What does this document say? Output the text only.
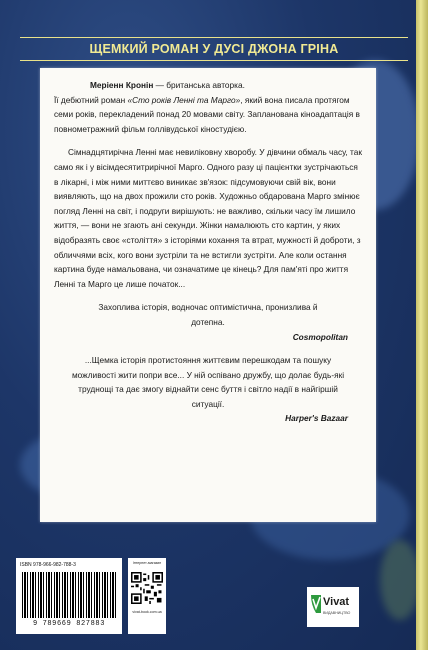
ЩЕМКИЙ РОМАН У ДУСІ ДЖОНА ГРІНА

Меріенн Кронін — британська авторка.

Її дебютний роман «Сто років Ленні та Марго», який вона писала протягом семи років, перекладений понад 20 мовами світу. Запланована кіноадаптація в повнометражний фільм голлівудської кіностудією.

Сімнадцятирічна Ленні має невиліковну хворобу. У дівчини обмаль часу, так само як і у вісімдесятитрирічної Марго. Одного разу ці пацієнтки зустрічаються в лікарні, і між ними миттєво виникає зв'язок: підсумовуючи свій вік, вони виявляють, що на двох прожили сто років. Художньо обдарована Марго змінює погляд Ленні на світ, і подруги вирішують: не важливо, скільки часу їм лишило життя, — вони не згають ані секунди. Жінки намалюють сто картин, у яких відобразять своє «століття» з історіями кохання та втрат, мужності й доброти, з обличчями всіх, кого вони зустріли та не встигли зустріти. Але коли остання картина буде намальована, чи означатиме це кінець? Для пам'яті про життя Ленні та Марго це лише початок...

Захоплива історія, водночас оптимістична, пронизлива й дотепна.

Cosmopolitan

...Щемка історія протистояння життєвим перешкодам та пошуку можливості жити попри все... У ній оспівано дружбу, що долає будь-які труднощі та дає змогу віднайти сенс буття і світло надії в найгіршій ситуації.

Harper's Bazaar

ISBN 978-966-982-788-3
9 789669 827883
Інтернет-магазин
vivat-book.com.ua
Vivat
ВИДАВНИЦТВО
